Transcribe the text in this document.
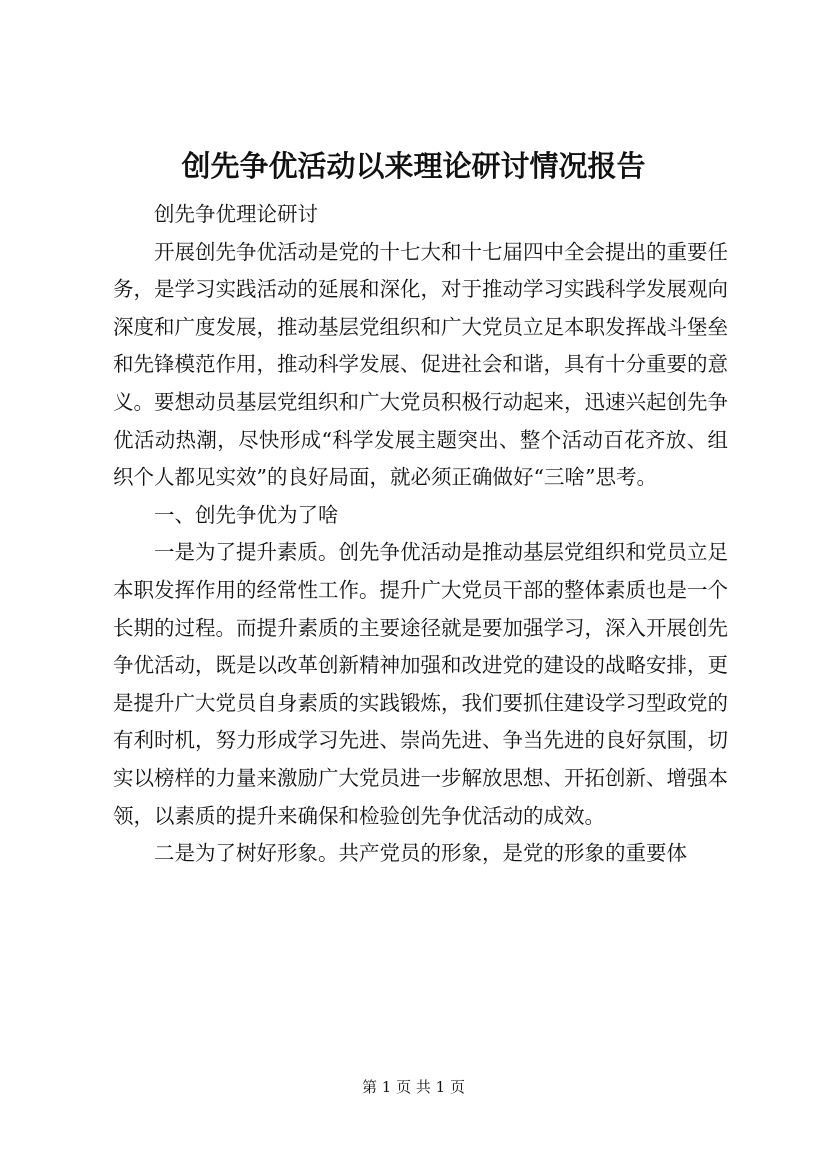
创先争优活动以来理论研讨情况报告

创先争优理论研讨

开展创先争优活动是党的十七大和十七届四中全会提出的重要任务，是学习实践活动的延展和深化，对于推动学习实践科学发展观向深度和广度发展，推动基层党组织和广大党员立足本职发挥战斗堡垒和先锋模范作用，推动科学发展、促进社会和谐，具有十分重要的意义。要想动员基层党组织和广大党员积极行动起来，迅速兴起创先争优活动热潮，尽快形成“科学发展主题突出、整个活动百花齐放、组织个人都见实效”的良好局面，就必须正确做好“三啥”思考。

一、创先争优为了啥

一是为了提升素质。创先争优活动是推动基层党组织和党员立足本职发挥作用的经常性工作。提升广大党员干部的整体素质也是一个长期的过程。而提升素质的主要途径就是要加强学习，深入开展创先争优活动，既是以改革创新精神加强和改进党的建设的战略安排，更是提升广大党员自身素质的实践锻炼，我们要抓住建设学习型政党的有利时机，努力形成学习先进、崇尚先进、争当先进的良好氛围，切实以榜样的力量来激励广大党员进一步解放思想、开拓创新、增强本领，以素质的提升来确保和检验创先争优活动的成效。

二是为了树好形象。共产党员的形象，是党的形象的重要体

第 1 页 共 1 页
